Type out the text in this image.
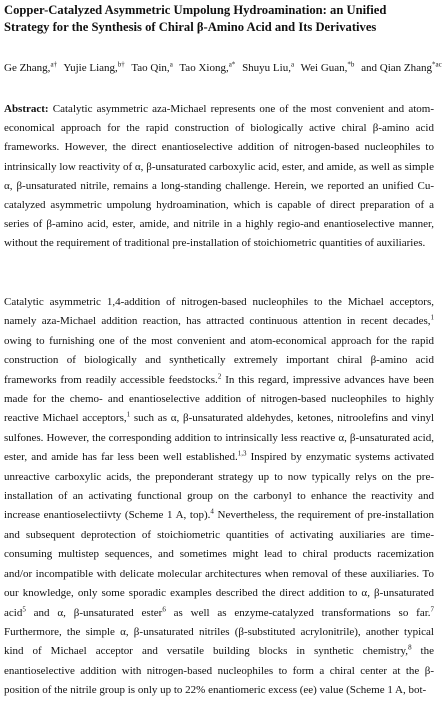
Copper-Catalyzed Asymmetric Umpolung Hydroamination: an Unified Strategy for the Synthesis of Chiral β-Amino Acid and Its Derivatives

Ge Zhang,$^{a\dagger}$ Yujie Liang,$^{b\dagger}$ Tao Qin,$^a$ Tao Xiong,$^{a*}$ Shuyu Liu,$^a$ Wei Guan,$^{*b}$ and Qian Zhang$^{*ac}$

Abstract: Catalytic asymmetric aza-Michael represents one of the most convenient and atom-economical approach for the rapid construction of biologically active chiral β-amino acid frameworks. However, the direct enantioselective addition of nitrogen-based nucleophiles to intrinsically low reactivity of α, β-unsaturated carboxylic acid, ester, and amide, as well as simple α, β-unsaturated nitrile, remains a long-standing challenge. Herein, we reported an unified Cu-catalyzed asymmetric umpolung hydroamination, which is capable of direct preparation of a series of β-amino acid, ester, amide, and nitrile in a highly regio-and enantioselective manner, without the requirement of traditional pre-installation of stoichiometric quantities of auxiliaries.

Catalytic asymmetric 1,4-addition of nitrogen-based nucleophiles to the Michael acceptors, namely aza-Michael addition reaction, has attracted continuous attention in recent decades,$^1$ owing to furnishing one of the most convenient and atom-economical approach for the rapid construction of biologically and synthetically extremely important chiral β-amino acid frameworks from readily accessible feedstocks.$^2$ In this regard, impressive advances have been made for the chemo- and enantioselective addition of nitrogen-based nucleophiles to highly reactive Michael acceptors,$^1$ such as α, β-unsaturated aldehydes, ketones, nitroolefins and vinyl sulfones. However, the corresponding addition to intrinsically less reactive α, β-unsaturated acid, ester, and amide has far less been well established.$^{1,3}$ Inspired by enzymatic systems activated unreactive carboxylic acids, the preponderant strategy up to now typically relys on the pre-installation of an activating functional group on the carbonyl to enhance the reactivity and increase enantioselectiivty (Scheme 1 A, top).$^4$ Nevertheless, the requirement of pre-installation and subsequent deprotection of stoichiometric quantities of activating auxiliaries are time-consuming multistep sequences, and sometimes might lead to chiral products racemization and/or incompatible with delicate molecular architectures when removal of these auxiliaries. To our knowledge, only some sporadic examples described the direct addition to α, β-unsaturated acid$^5$ and α, β-unsaturated ester$^6$ as well as enzyme-catalyzed transformations so far.$^7$ Furthermore, the simple α, β-unsaturated nitriles (β-substituted acrylonitrile), another typical kind of Michael acceptor and versatile building blocks in synthetic chemistry,$^8$ the enantioselective addition with nitrogen-based nucleophiles to form a chiral center at the β-position of the nitrile group is only up to 22% enantiomeric excess (ee) value (Scheme 1 A, bot-
